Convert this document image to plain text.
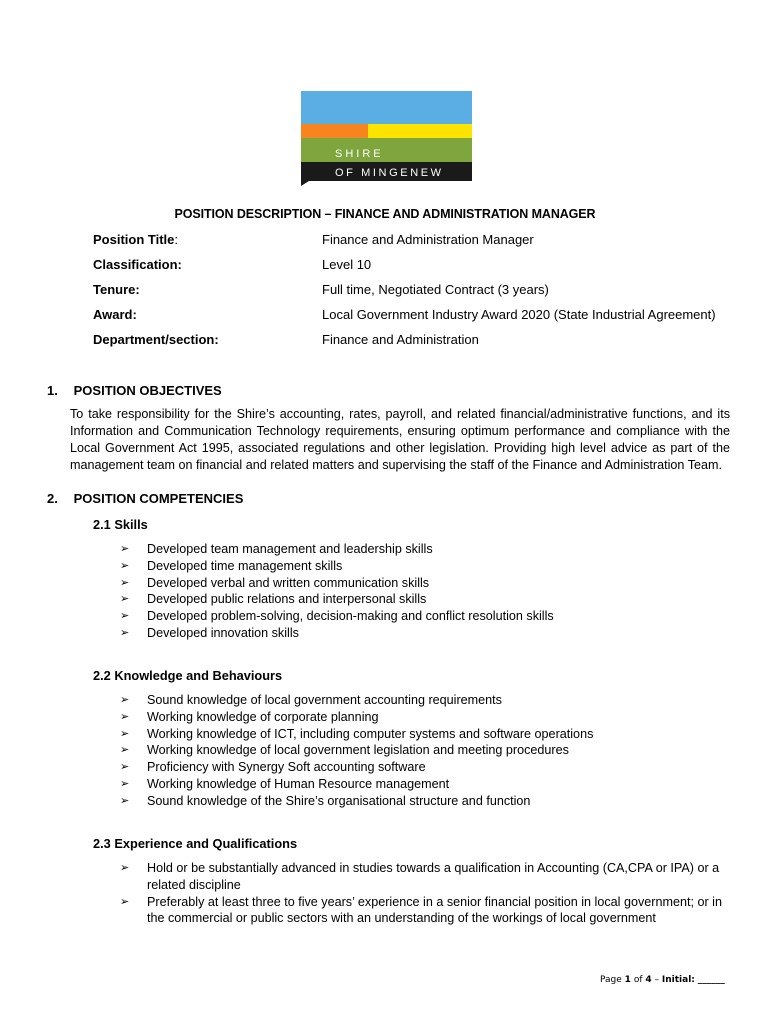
SHIRE
OF MINGENEW
POSITION DESCRIPTION – FINANCE AND ADMINISTRATION MANAGER
Position Title:	Finance and Administration Manager
Classification:	Level 10
Tenure:	Full time, Negotiated Contract (3 years)
Award:	Local Government Industry Award 2020 (State Industrial Agreement)
Department/section:	Finance and Administration
1. POSITION OBJECTIVES
To take responsibility for the Shire’s accounting, rates, payroll, and related financial/administrative functions, and its Information and Communication Technology requirements, ensuring optimum performance and compliance with the Local Government Act 1995, associated regulations and other legislation. Providing high level advice as part of the management team on financial and related matters and supervising the staff of the Finance and Administration Team.
2. POSITION COMPETENCIES
2.1 Skills
➢ Developed team management and leadership skills
➢ Developed time management skills
➢ Developed verbal and written communication skills
➢ Developed public relations and interpersonal skills
➢ Developed problem-solving, decision-making and conflict resolution skills
➢ Developed innovation skills
2.2 Knowledge and Behaviours
➢ Sound knowledge of local government accounting requirements
➢ Working knowledge of corporate planning
➢ Working knowledge of ICT, including computer systems and software operations
➢ Working knowledge of local government legislation and meeting procedures
➢ Proficiency with Synergy Soft accounting software
➢ Working knowledge of Human Resource management
➢ Sound knowledge of the Shire’s organisational structure and function
2.3 Experience and Qualifications
➢ Hold or be substantially advanced in studies towards a qualification in Accounting (CA,CPA or IPA) or a related discipline
➢ Preferably at least three to five years’ experience in a senior financial position in local government; or in the commercial or public sectors with an understanding of the workings of local government
Page 1 of 4 – Initial: ______
